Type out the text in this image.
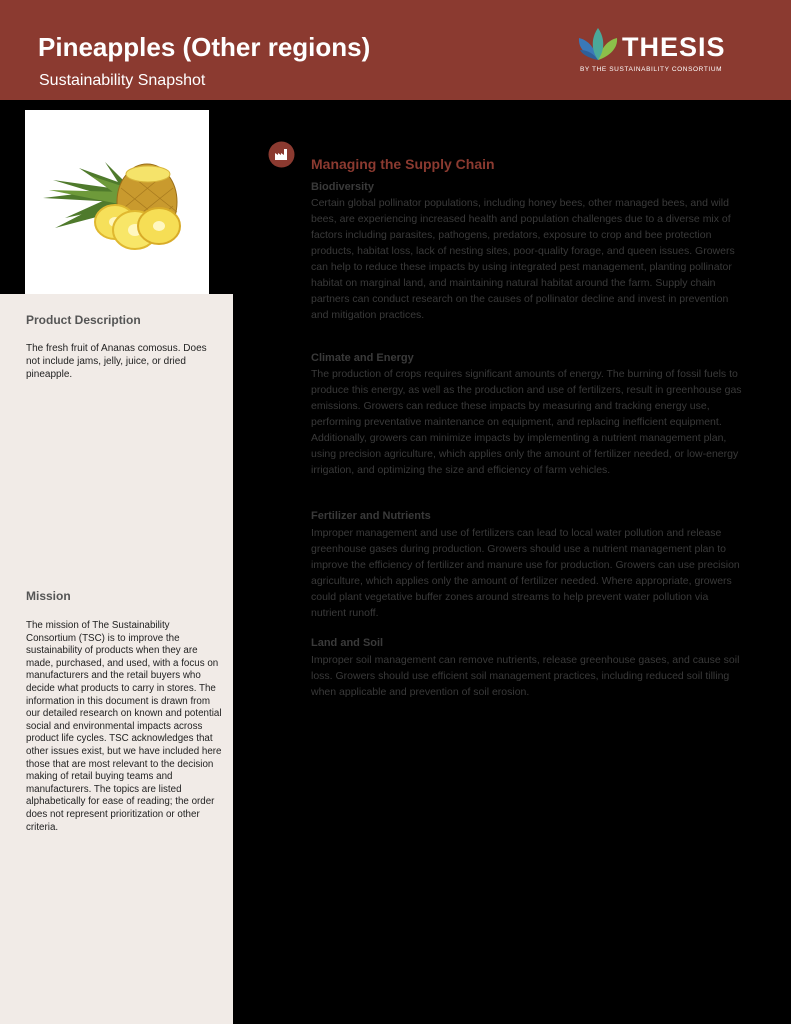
Pineapples (Other regions)
Sustainability Snapshot
THESIS
BY THE SUSTAINABILITY CONSORTIUM
Product Description
The fresh fruit of Ananas comosus. Does not include jams, jelly, juice, or dried pineapple.
Mission
The mission of The Sustainability Consortium (TSC) is to improve the sustainability of products when they are made, purchased, and used, with a focus on manufacturers and the retail buyers who decide what products to carry in stores. The information in this document is drawn from our detailed research on known and potential social and environmental impacts across product life cycles. TSC acknowledges that other issues exist, but we have included here those that are most relevant to the decision making of retail buying teams and manufacturers. The topics are listed alphabetically for ease of reading; the order does not represent prioritization or other criteria.
Managing the Supply Chain
Biodiversity
Certain global pollinator populations, including honey bees, other managed bees, and wild bees, are experiencing increased health and population challenges due to a diverse mix of factors including parasites, pathogens, predators, exposure to crop and bee protection products, habitat loss, lack of nesting sites, poor-quality forage, and queen issues. Growers can help to reduce these impacts by using integrated pest management, planting pollinator habitat on marginal land, and maintaining natural habitat around the farm. Supply chain partners can conduct research on the causes of pollinator decline and invest in prevention and mitigation practices.
Climate and Energy
The production of crops requires significant amounts of energy. The burning of fossil fuels to produce this energy, as well as the production and use of fertilizers, result in greenhouse gas emissions. Growers can reduce these impacts by measuring and tracking energy use, performing preventative maintenance on equipment, and replacing inefficient equipment. Additionally, growers can minimize impacts by implementing a nutrient management plan, using precision agriculture, which applies only the amount of fertilizer needed, or low-energy irrigation, and optimizing the size and efficiency of farm vehicles.
Fertilizer and Nutrients
Improper management and use of fertilizers can lead to local water pollution and release greenhouse gases during production. Growers should use a nutrient management plan to improve the efficiency of fertilizer and manure use for production. Growers can use precision agriculture, which applies only the amount of fertilizer needed. Where appropriate, growers could plant vegetative buffer zones around streams to help prevent water pollution via nutrient runoff.
Land and Soil
Improper soil management can remove nutrients, release greenhouse gases, and cause soil loss. Growers should use efficient soil management practices, including reduced soil tilling when applicable and prevention of soil erosion.
